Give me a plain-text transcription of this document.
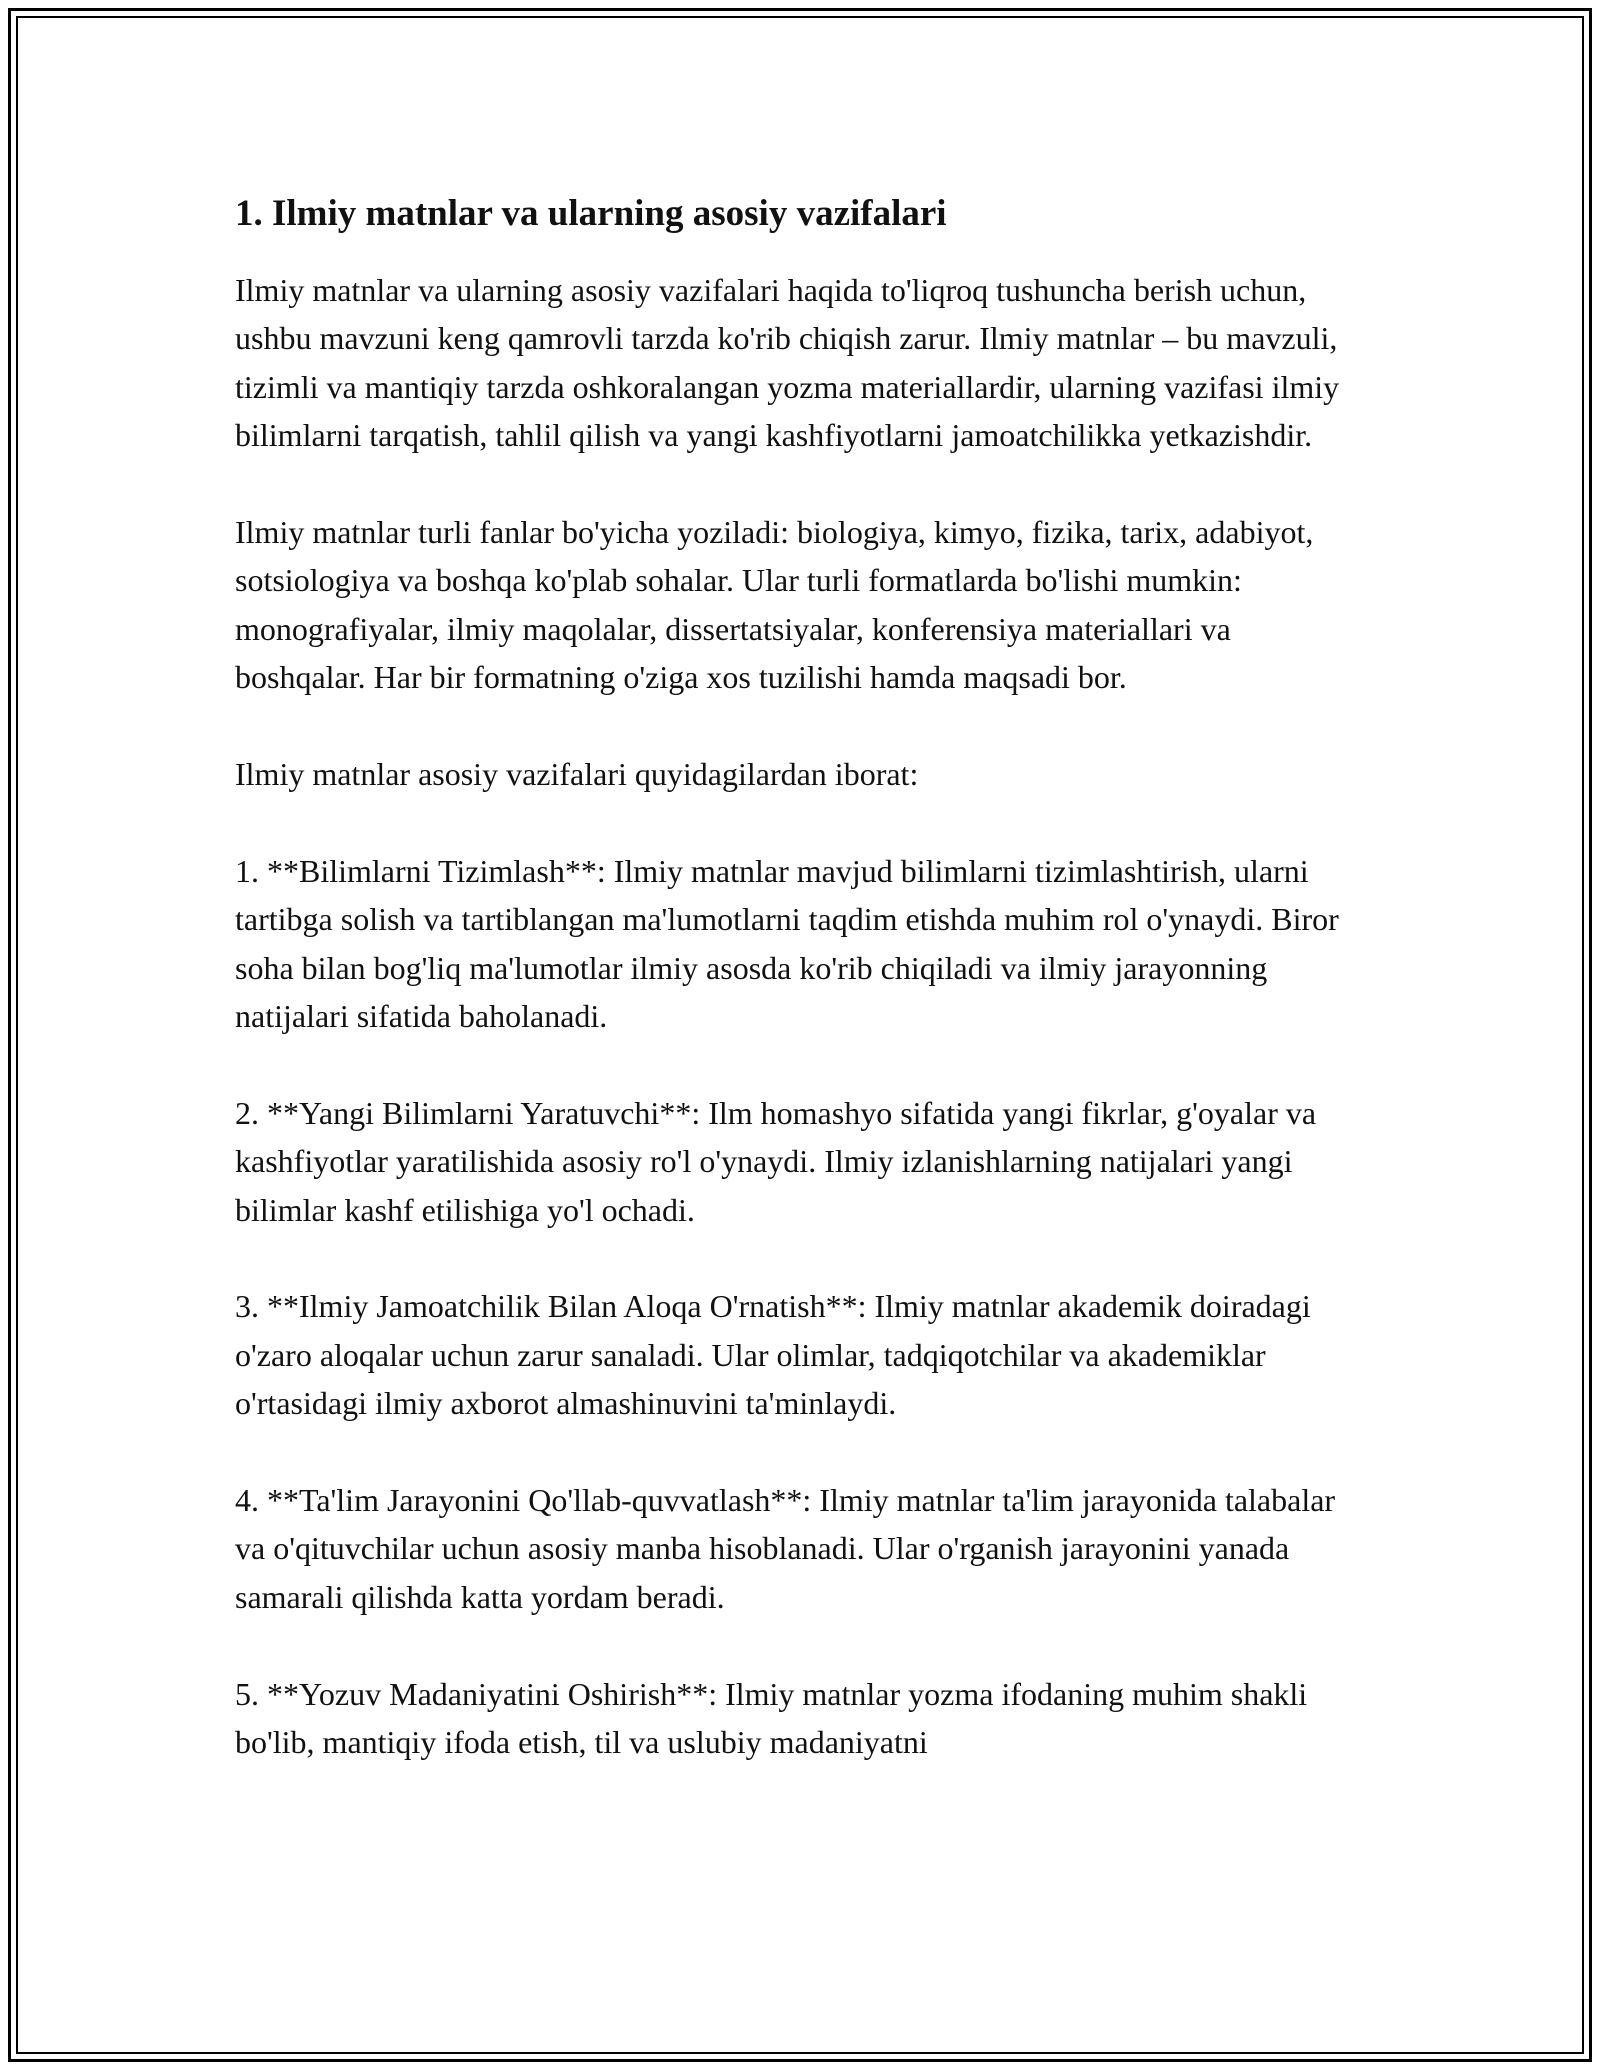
1. Ilmiy matnlar va ularning asosiy vazifalari

Ilmiy matnlar va ularning asosiy vazifalari haqida to'liqroq tushuncha berish uchun, ushbu mavzuni keng qamrovli tarzda ko'rib chiqish zarur. Ilmiy matnlar – bu mavzuli, tizimli va mantiqiy tarzda oshkoralangan yozma materiallardir, ularning vazifasi ilmiy bilimlarni tarqatish, tahlil qilish va yangi kashfiyotlarni jamoatchilikka yetkazishdir.

Ilmiy matnlar turli fanlar bo'yicha yoziladi: biologiya, kimyo, fizika, tarix, adabiyot, sotsiologiya va boshqa ko'plab sohalar. Ular turli formatlarda bo'lishi mumkin: monografiyalar, ilmiy maqolalar, dissertatsiyalar, konferensiya materiallari va boshqalar. Har bir formatning o'ziga xos tuzilishi hamda maqsadi bor.

Ilmiy matnlar asosiy vazifalari quyidagilardan iborat:

1. **Bilimlarni Tizimlash**: Ilmiy matnlar mavjud bilimlarni tizimlashtirish, ularni tartibga solish va tartiblangan ma'lumotlarni taqdim etishda muhim rol o'ynaydi. Biror soha bilan bog'liq ma'lumotlar ilmiy asosda ko'rib chiqiladi va ilmiy jarayonning natijalari sifatida baholanadi.

2. **Yangi Bilimlarni Yaratuvchi**: Ilm homashyo sifatida yangi fikrlar, g'oyalar va kashfiyotlar yaratilishida asosiy ro'l o'ynaydi. Ilmiy izlanishlarning natijalari yangi bilimlar kashf etilishiga yo'l ochadi.

3. **Ilmiy Jamoatchilik Bilan Aloqa O'rnatish**: Ilmiy matnlar akademik doiradagi o'zaro aloqalar uchun zarur sanaladi. Ular olimlar, tadqiqotchilar va akademiklar o'rtasidagi ilmiy axborot almashinuvini ta'minlaydi.

4. **Ta'lim Jarayonini Qo'llab-quvvatlash**: Ilmiy matnlar ta'lim jarayonida talabalar va o'qituvchilar uchun asosiy manba hisoblanadi. Ular o'rganish jarayonini yanada samarali qilishda katta yordam beradi.

5. **Yozuv Madaniyatini Oshirish**: Ilmiy matnlar yozma ifodaning muhim shakli bo'lib, mantiqiy ifoda etish, til va uslubiy madaniyatni
